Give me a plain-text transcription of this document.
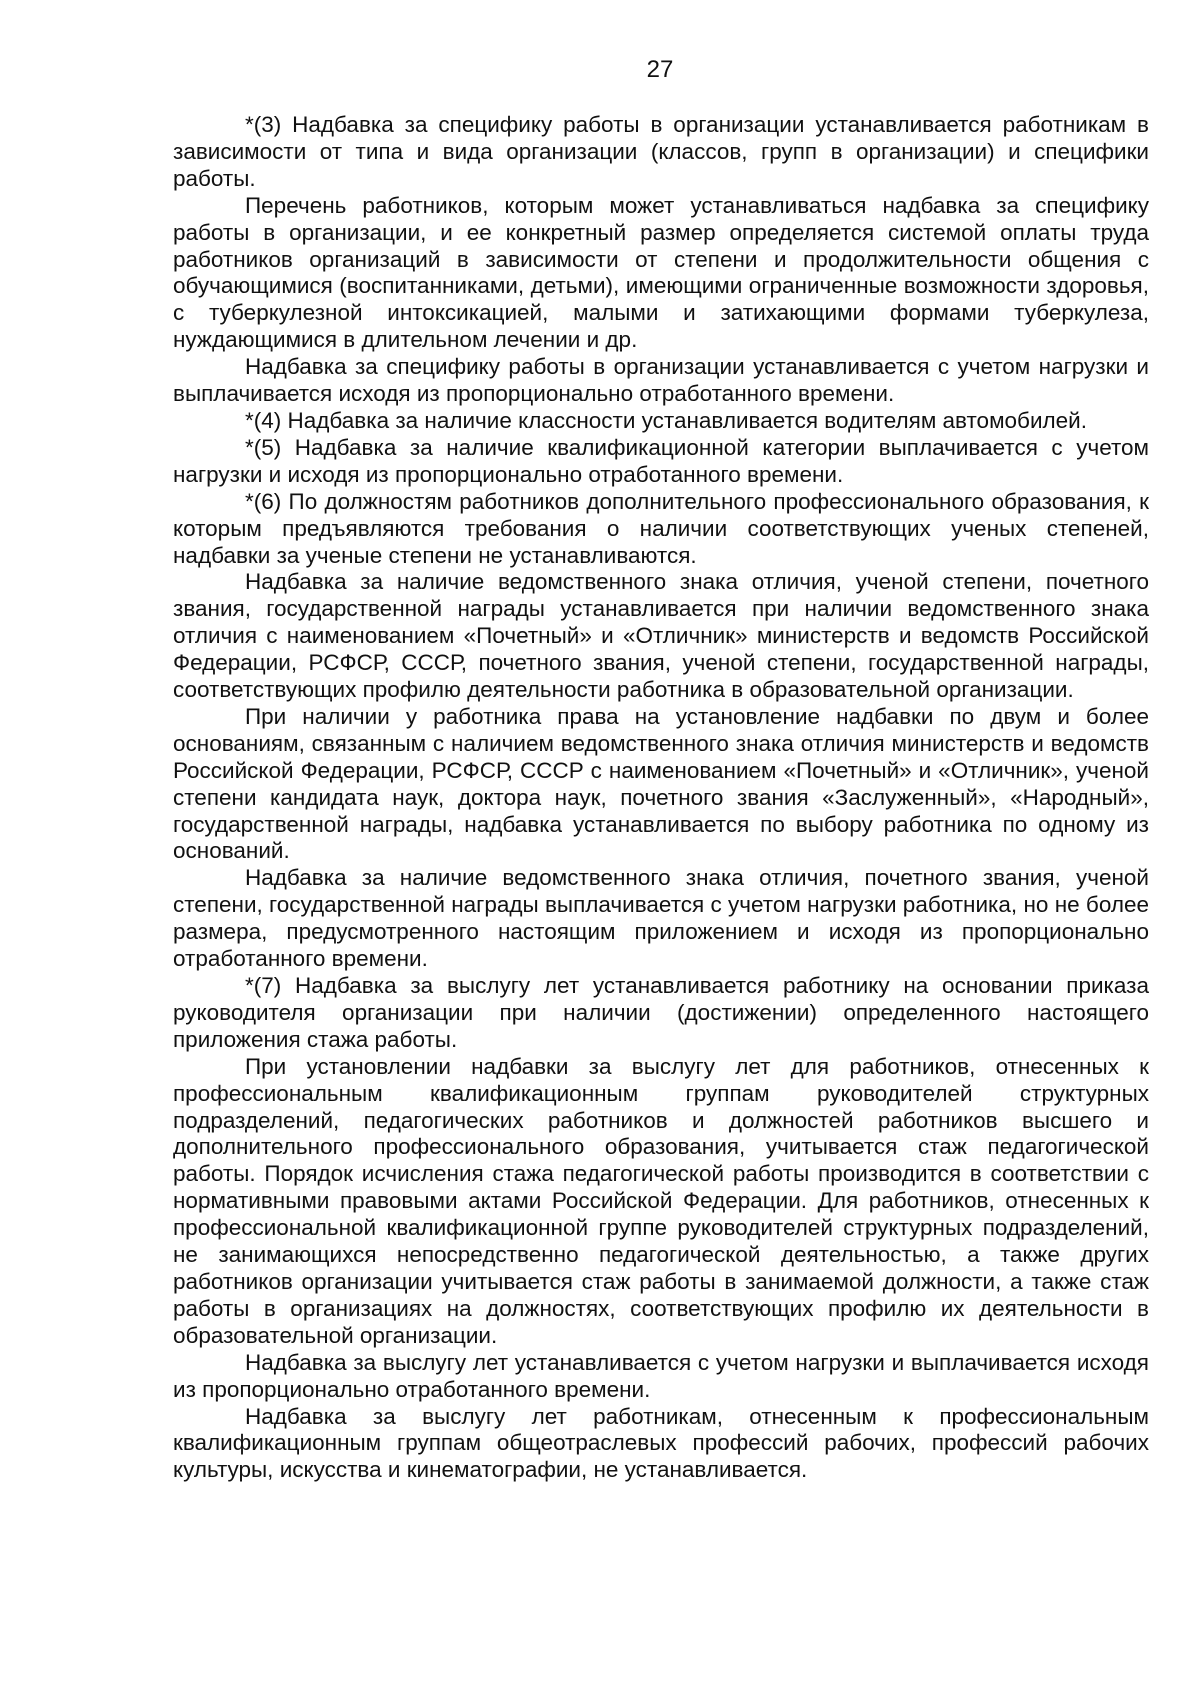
27

*(3) Надбавка за специфику работы в организации устанавливается работникам в зависимости от типа и вида организации (классов, групп в организации) и специфики работы.

Перечень работников, которым может устанавливаться надбавка за специфику работы в организации, и ее конкретный размер определяется системой оплаты труда работников организаций в зависимости от степени и продолжительности общения с обучающимися (воспитанниками, детьми), имеющими ограниченные возможности здоровья, с туберкулезной интоксикацией, малыми и затихающими формами туберкулеза, нуждающимися в длительном лечении и др.

Надбавка за специфику работы в организации устанавливается с учетом нагрузки и выплачивается исходя из пропорционально отработанного времени.

*(4) Надбавка за наличие классности устанавливается водителям автомобилей.

*(5) Надбавка за наличие квалификационной категории выплачивается с учетом нагрузки и исходя из пропорционально отработанного времени.

*(6) По должностям работников дополнительного профессионального образования, к которым предъявляются требования о наличии соответствующих ученых степеней, надбавки за ученые степени не устанавливаются.

Надбавка за наличие ведомственного знака отличия, ученой степени, почетного звания, государственной награды устанавливается при наличии ведомственного знака отличия с наименованием «Почетный» и «Отличник» министерств и ведомств Российской Федерации, РСФСР, СССР, почетного звания, ученой степени, государственной награды, соответствующих профилю деятельности работника в образовательной организации.

При наличии у работника права на установление надбавки по двум и более основаниям, связанным с наличием ведомственного знака отличия министерств и ведомств Российской Федерации, РСФСР, СССР с наименованием «Почетный» и «Отличник», ученой степени кандидата наук, доктора наук, почетного звания «Заслуженный», «Народный», государственной награды, надбавка устанавливается по выбору работника по одному из оснований.

Надбавка за наличие ведомственного знака отличия, почетного звания, ученой степени, государственной награды выплачивается с учетом нагрузки работника, но не более размера, предусмотренного настоящим приложением и исходя из пропорционально отработанного времени.

*(7) Надбавка за выслугу лет устанавливается работнику на основании приказа руководителя организации при наличии (достижении) определенного настоящего приложения стажа работы.

При установлении надбавки за выслугу лет для работников, отнесенных к профессиональным квалификационным группам руководителей структурных подразделений, педагогических работников и должностей работников высшего и дополнительного профессионального образования, учитывается стаж педагогической работы. Порядок исчисления стажа педагогической работы производится в соответствии с нормативными правовыми актами Российской Федерации. Для работников, отнесенных к профессиональной квалификационной группе руководителей структурных подразделений, не занимающихся непосредственно педагогической деятельностью, а также других работников организации учитывается стаж работы в занимаемой должности, а также стаж работы в организациях на должностях, соответствующих профилю их деятельности в образовательной организации.

Надбавка за выслугу лет устанавливается с учетом нагрузки и выплачивается исходя из пропорционально отработанного времени.

Надбавка за выслугу лет работникам, отнесенным к профессиональным квалификационным группам общеотраслевых профессий рабочих, профессий рабочих культуры, искусства и кинематографии, не устанавливается.
